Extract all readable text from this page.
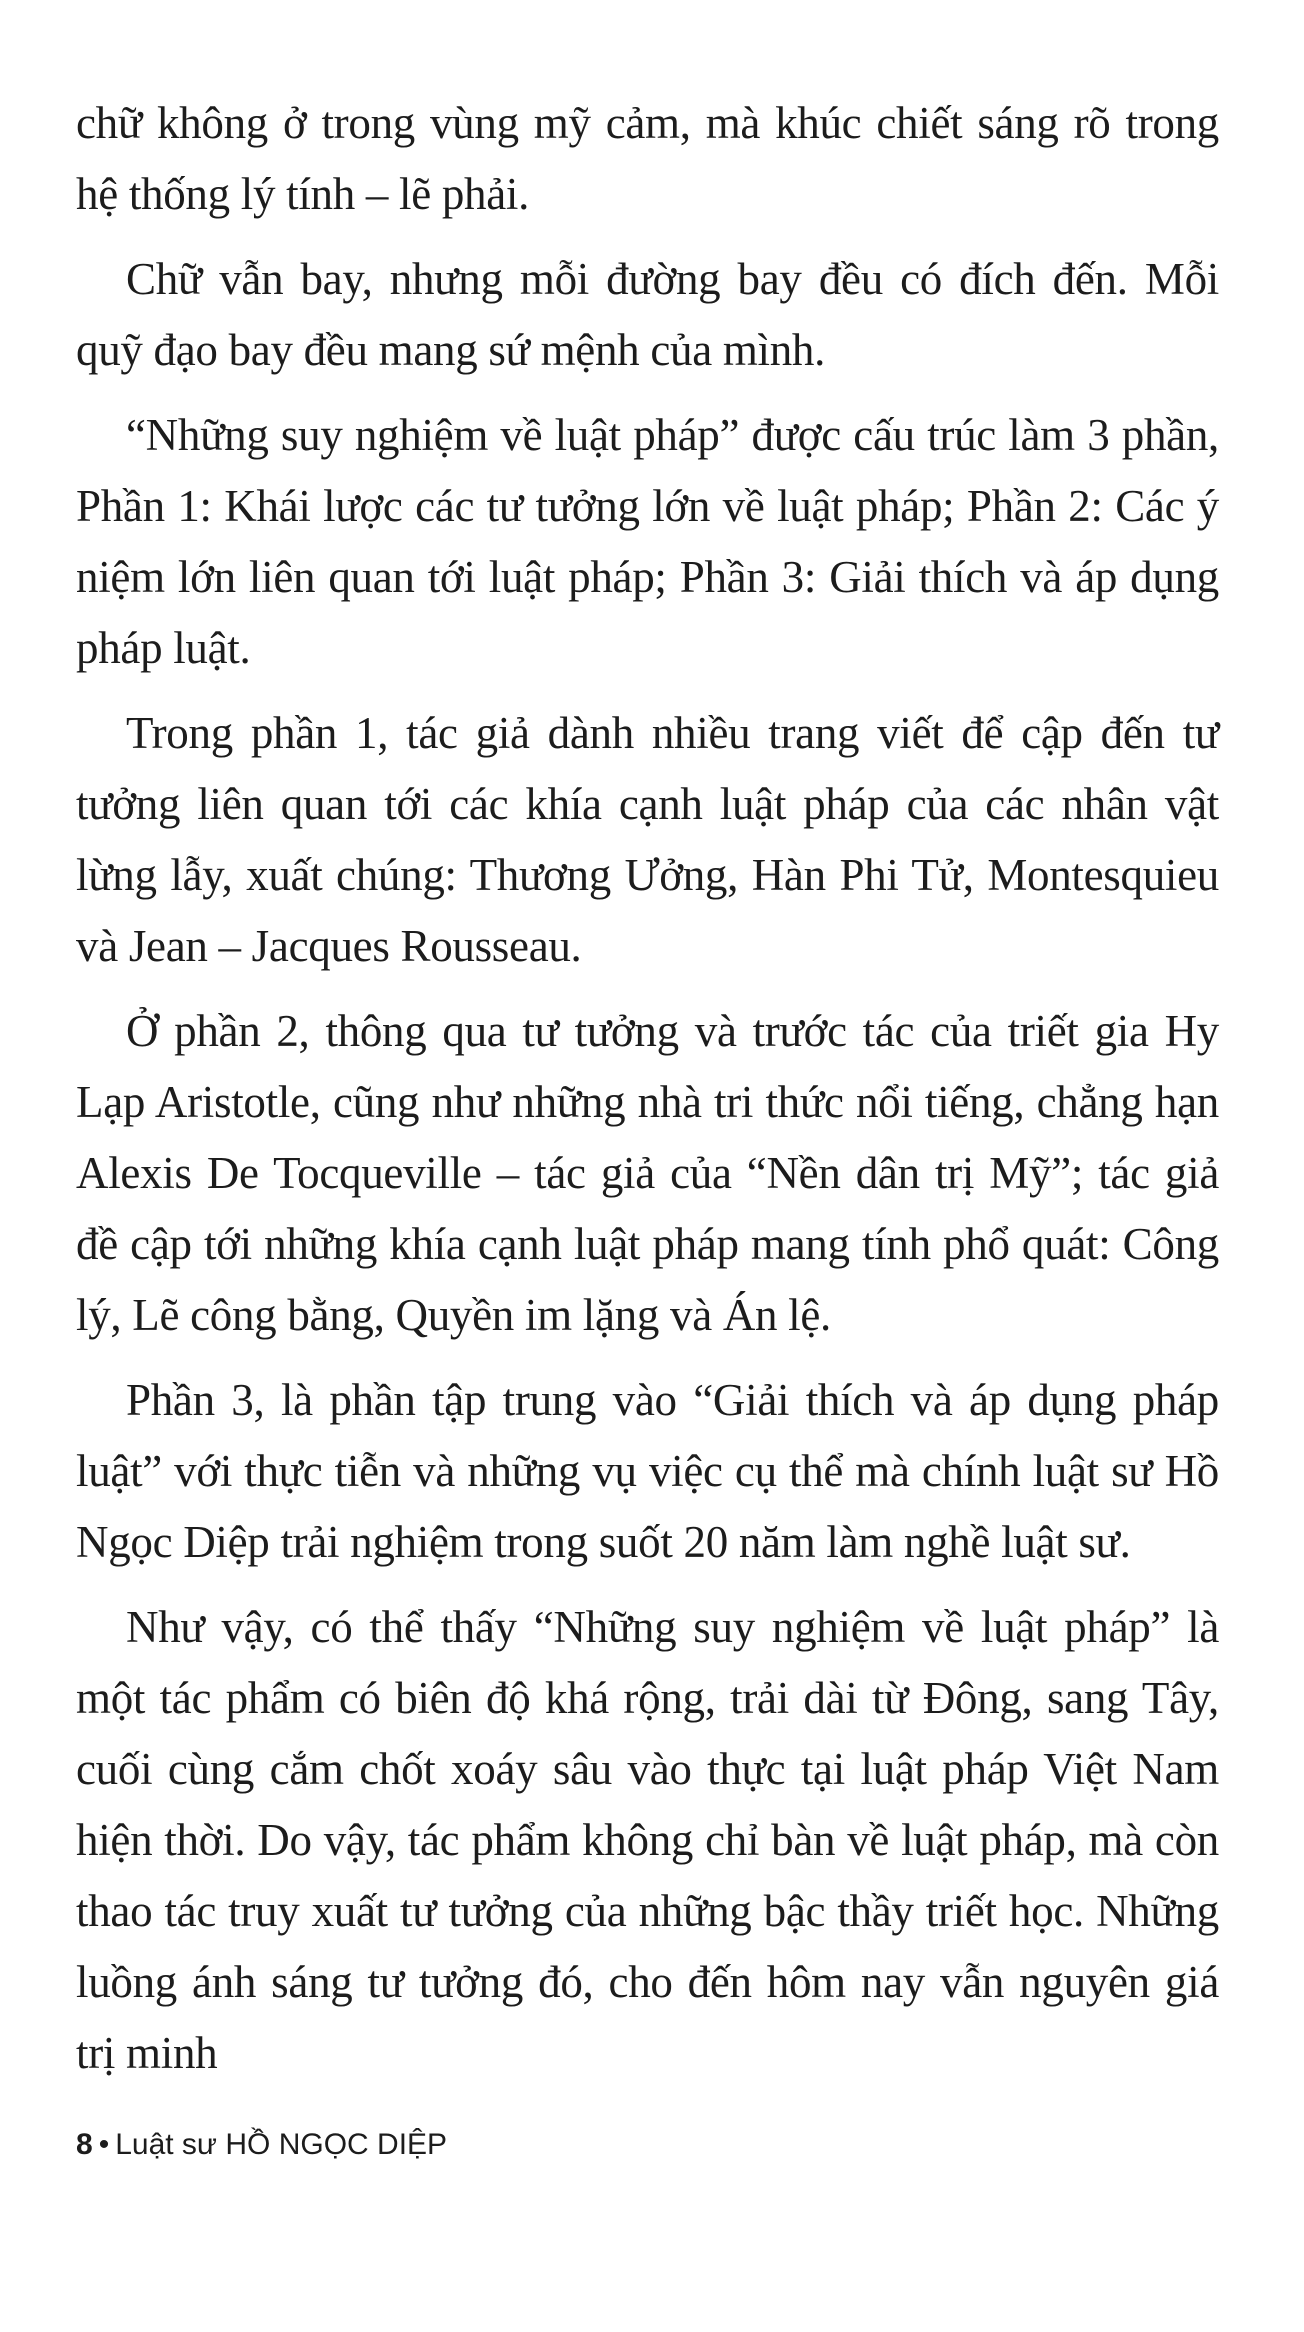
chữ không ở trong vùng mỹ cảm, mà khúc chiết sáng rõ trong hệ thống lý tính – lẽ phải.

Chữ vẫn bay, nhưng mỗi đường bay đều có đích đến. Mỗi quỹ đạo bay đều mang sứ mệnh của mình.

“Những suy nghiệm về luật pháp” được cấu trúc làm 3 phần, Phần 1: Khái lược các tư tưởng lớn về luật pháp; Phần 2: Các ý niệm lớn liên quan tới luật pháp; Phần 3: Giải thích và áp dụng pháp luật.

Trong phần 1, tác giả dành nhiều trang viết để cập đến tư tưởng liên quan tới các khía cạnh luật pháp của các nhân vật lừng lẫy, xuất chúng: Thương Ưởng, Hàn Phi Tử, Montesquieu và Jean – Jacques Rousseau.

Ở phần 2, thông qua tư tưởng và trước tác của triết gia Hy Lạp Aristotle, cũng như những nhà tri thức nổi tiếng, chẳng hạn Alexis De Tocqueville – tác giả của “Nền dân trị Mỹ”; tác giả đề cập tới những khía cạnh luật pháp mang tính phổ quát: Công lý, Lẽ công bằng, Quyền im lặng và Án lệ.

Phần 3, là phần tập trung vào “Giải thích và áp dụng pháp luật” với thực tiễn và những vụ việc cụ thể mà chính luật sư Hồ Ngọc Diệp trải nghiệm trong suốt 20 năm làm nghề luật sư.

Như vậy, có thể thấy “Những suy nghiệm về luật pháp” là một tác phẩm có biên độ khá rộng, trải dài từ Đông, sang Tây, cuối cùng cắm chốt xoáy sâu vào thực tại luật pháp Việt Nam hiện thời. Do vậy, tác phẩm không chỉ bàn về luật pháp, mà còn thao tác truy xuất tư tưởng của những bậc thầy triết học. Những luồng ánh sáng tư tưởng đó, cho đến hôm nay vẫn nguyên giá trị minh

8 • Luật sư HỒ NGỌC DIỆP
